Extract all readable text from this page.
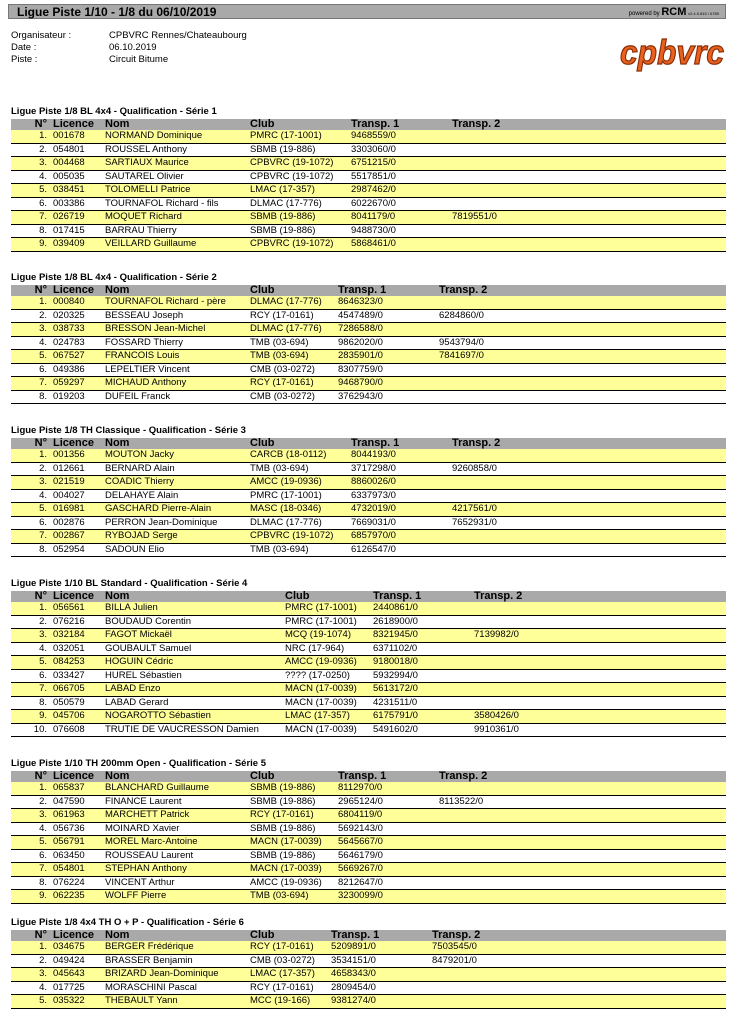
Ligue Piste 1/10 - 1/8 du 06/10/2019	powered by RCM v2.4.5.815 / 6789
Organisateur :	CPBVRC Rennes/Chateaubourg
Date :	06.10.2019
Piste :	Circuit Bitume	cpbvrc
Ligue Piste 1/8 BL 4x4 - Qualification - Série 1
N°	Licence	Nom	Club	Transp. 1	Transp. 2
1.	001678	NORMAND Dominique	PMRC (17-1001)	9468559/0	
2.	054801	ROUSSEL Anthony	SBMB (19-886)	3303060/0	
3.	004468	SARTIAUX Maurice	CPBVRC (19-1072)	6751215/0	
4.	005035	SAUTAREL Olivier	CPBVRC (19-1072)	5517851/0	
5.	038451	TOLOMELLI Patrice	LMAC (17-357)	2987462/0	
6.	003386	TOURNAFOL Richard - fils	DLMAC (17-776)	6022670/0	
7.	026719	MOQUET Richard	SBMB (19-886)	8041179/0	7819551/0
8.	017415	BARRAU Thierry	SBMB (19-886)	9488730/0	
9.	039409	VEILLARD Guillaume	CPBVRC (19-1072)	5868461/0	
Ligue Piste 1/8 BL 4x4 - Qualification - Série 2
N°	Licence	Nom	Club	Transp. 1	Transp. 2
1.	000840	TOURNAFOL Richard - père	DLMAC (17-776)	8646323/0	
2.	020325	BESSEAU Joseph	RCY (17-0161)	4547489/0	6284860/0
3.	038733	BRESSON Jean-Michel	DLMAC (17-776)	7286588/0	
4.	024783	FOSSARD Thierry	TMB (03-694)	9862020/0	9543794/0
5.	067527	FRANCOIS Louis	TMB (03-694)	2835901/0	7841697/0
6.	049386	LEPELTIER Vincent	CMB (03-0272)	8307759/0	
7.	059297	MICHAUD Anthony	RCY (17-0161)	9468790/0	
8.	019203	DUFEIL Franck	CMB (03-0272)	3762943/0	
Ligue Piste 1/8 TH Classique - Qualification - Série 3
N°	Licence	Nom	Club	Transp. 1	Transp. 2
1.	001356	MOUTON Jacky	CARCB (18-0112)	8044193/0	
2.	012661	BERNARD Alain	TMB (03-694)	3717298/0	9260858/0
3.	021519	COADIC Thierry	AMCC (19-0936)	8860026/0	
4.	004027	DELAHAYE Alain	PMRC (17-1001)	6337973/0	
5.	016981	GASCHARD Pierre-Alain	MASC (18-0346)	4732019/0	4217561/0
6.	002876	PERRON Jean-Dominique	DLMAC (17-776)	7669031/0	7652931/0
7.	002867	RYBOJAD Serge	CPBVRC (19-1072)	6857970/0	
8.	052954	SADOUN Elio	TMB (03-694)	6126547/0	
Ligue Piste 1/10 BL Standard - Qualification - Série 4
N°	Licence	Nom	Club	Transp. 1	Transp. 2
1.	056561	BILLA Julien	PMRC (17-1001)	2440861/0	
2.	076216	BOUDAUD Corentin	PMRC (17-1001)	2618900/0	
3.	032184	FAGOT Mickaël	MCQ (19-1074)	8321945/0	7139982/0
4.	032051	GOUBAULT Samuel	NRC (17-964)	6371102/0	
5.	084253	HOGUIN Cédric	AMCC (19-0936)	9180018/0	
6.	033427	HUREL Sébastien	???? (17-0250)	5932994/0	
7.	066705	LABAD Enzo	MACN (17-0039)	5613172/0	
8.	050579	LABAD Gerard	MACN (17-0039)	4231511/0	
9.	045706	NOGAROTTO Sébastien	LMAC (17-357)	6175791/0	3580426/0
10.	076608	TRUTIE DE VAUCRESSON Damien	MACN (17-0039)	5491602/0	9910361/0
Ligue Piste 1/10 TH 200mm Open - Qualification - Série 5
N°	Licence	Nom	Club	Transp. 1	Transp. 2
1.	065837	BLANCHARD Guillaume	SBMB (19-886)	8112970/0	
2.	047590	FINANCE Laurent	SBMB (19-886)	2965124/0	8113522/0
3.	061963	MARCHETT Patrick	RCY (17-0161)	6804119/0	
4.	056736	MOINARD Xavier	SBMB (19-886)	5692143/0	
5.	056791	MOREL Marc-Antoine	MACN (17-0039)	5645667/0	
6.	063450	ROUSSEAU Laurent	SBMB (19-886)	5646179/0	
7.	054801	STEPHAN Anthony	MACN (17-0039)	5669267/0	
8.	076224	VINCENT Arthur	AMCC (19-0936)	8212647/0	
9.	062235	WOLFF Pierre	TMB (03-694)	3230099/0	
Ligue Piste 1/8 4x4 TH O + P - Qualification - Série 6
N°	Licence	Nom	Club	Transp. 1	Transp. 2
1.	034675	BERGER Frédérique	RCY (17-0161)	5209891/0	7503545/0
2.	049424	BRASSER Benjamin	CMB (03-0272)	3534151/0	8479201/0
3.	045643	BRIZARD Jean-Dominique	LMAC (17-357)	4658343/0	
4.	017725	MORASCHINI Pascal	RCY (17-0161)	2809454/0	
5.	035322	THEBAULT Yann	MCC (19-166)	9381274/0	
